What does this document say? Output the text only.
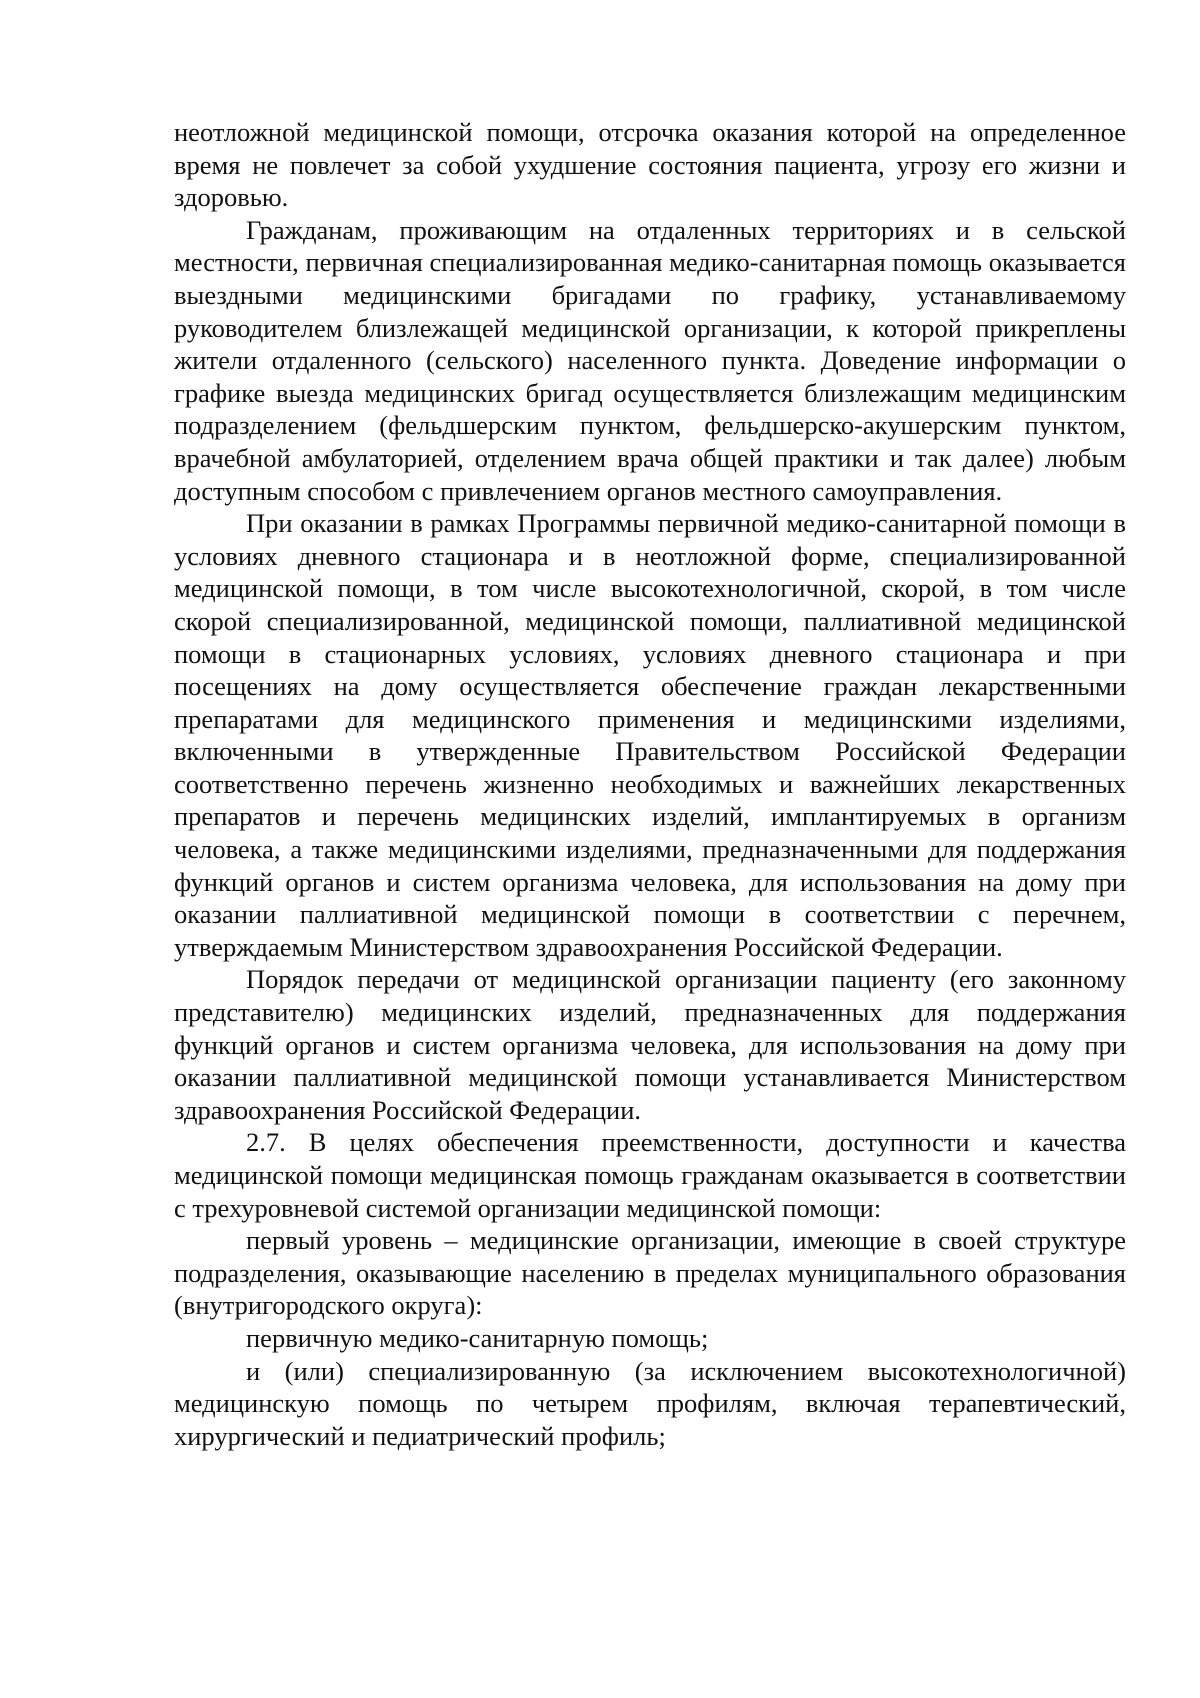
неотложной медицинской помощи, отсрочка оказания которой на определенное время не повлечет за собой ухудшение состояния пациента, угрозу его жизни и здоровью.

Гражданам, проживающим на отдаленных территориях и в сельской местности, первичная специализированная медико-санитарная помощь оказывается выездными медицинскими бригадами по графику, устанавливаемому руководителем близлежащей медицинской организации, к которой прикреплены жители отдаленного (сельского) населенного пункта. Доведение информации о графике выезда медицинских бригад осуществляется близлежащим медицинским подразделением (фельдшерским пунктом, фельдшерско-акушерским пунктом, врачебной амбулаторией, отделением врача общей практики и так далее) любым доступным способом с привлечением органов местного самоуправления.

При оказании в рамках Программы первичной медико-санитарной помощи в условиях дневного стационара и в неотложной форме, специализированной медицинской помощи, в том числе высокотехнологичной, скорой, в том числе скорой специализированной, медицинской помощи, паллиативной медицинской помощи в стационарных условиях, условиях дневного стационара и при посещениях на дому осуществляется обеспечение граждан лекарственными препаратами для медицинского применения и медицинскими изделиями, включенными в утвержденные Правительством Российской Федерации соответственно перечень жизненно необходимых и важнейших лекарственных препаратов и перечень медицинских изделий, имплантируемых в организм человека, а также медицинскими изделиями, предназначенными для поддержания функций органов и систем организма человека, для использования на дому при оказании паллиативной медицинской помощи в соответствии с перечнем, утверждаемым Министерством здравоохранения Российской Федерации.

Порядок передачи от медицинской организации пациенту (его законному представителю) медицинских изделий, предназначенных для поддержания функций органов и систем организма человека, для использования на дому при оказании паллиативной медицинской помощи устанавливается Министерством здравоохранения Российской Федерации.

2.7. В целях обеспечения преемственности, доступности и качества медицинской помощи медицинская помощь гражданам оказывается в соответствии с трехуровневой системой организации медицинской помощи:

первый уровень – медицинские организации, имеющие в своей структуре подразделения, оказывающие населению в пределах муниципального образования (внутригородского округа):

первичную медико-санитарную помощь;

и (или) специализированную (за исключением высокотехнологичной) медицинскую помощь по четырем профилям, включая терапевтический, хирургический и педиатрический профиль;
